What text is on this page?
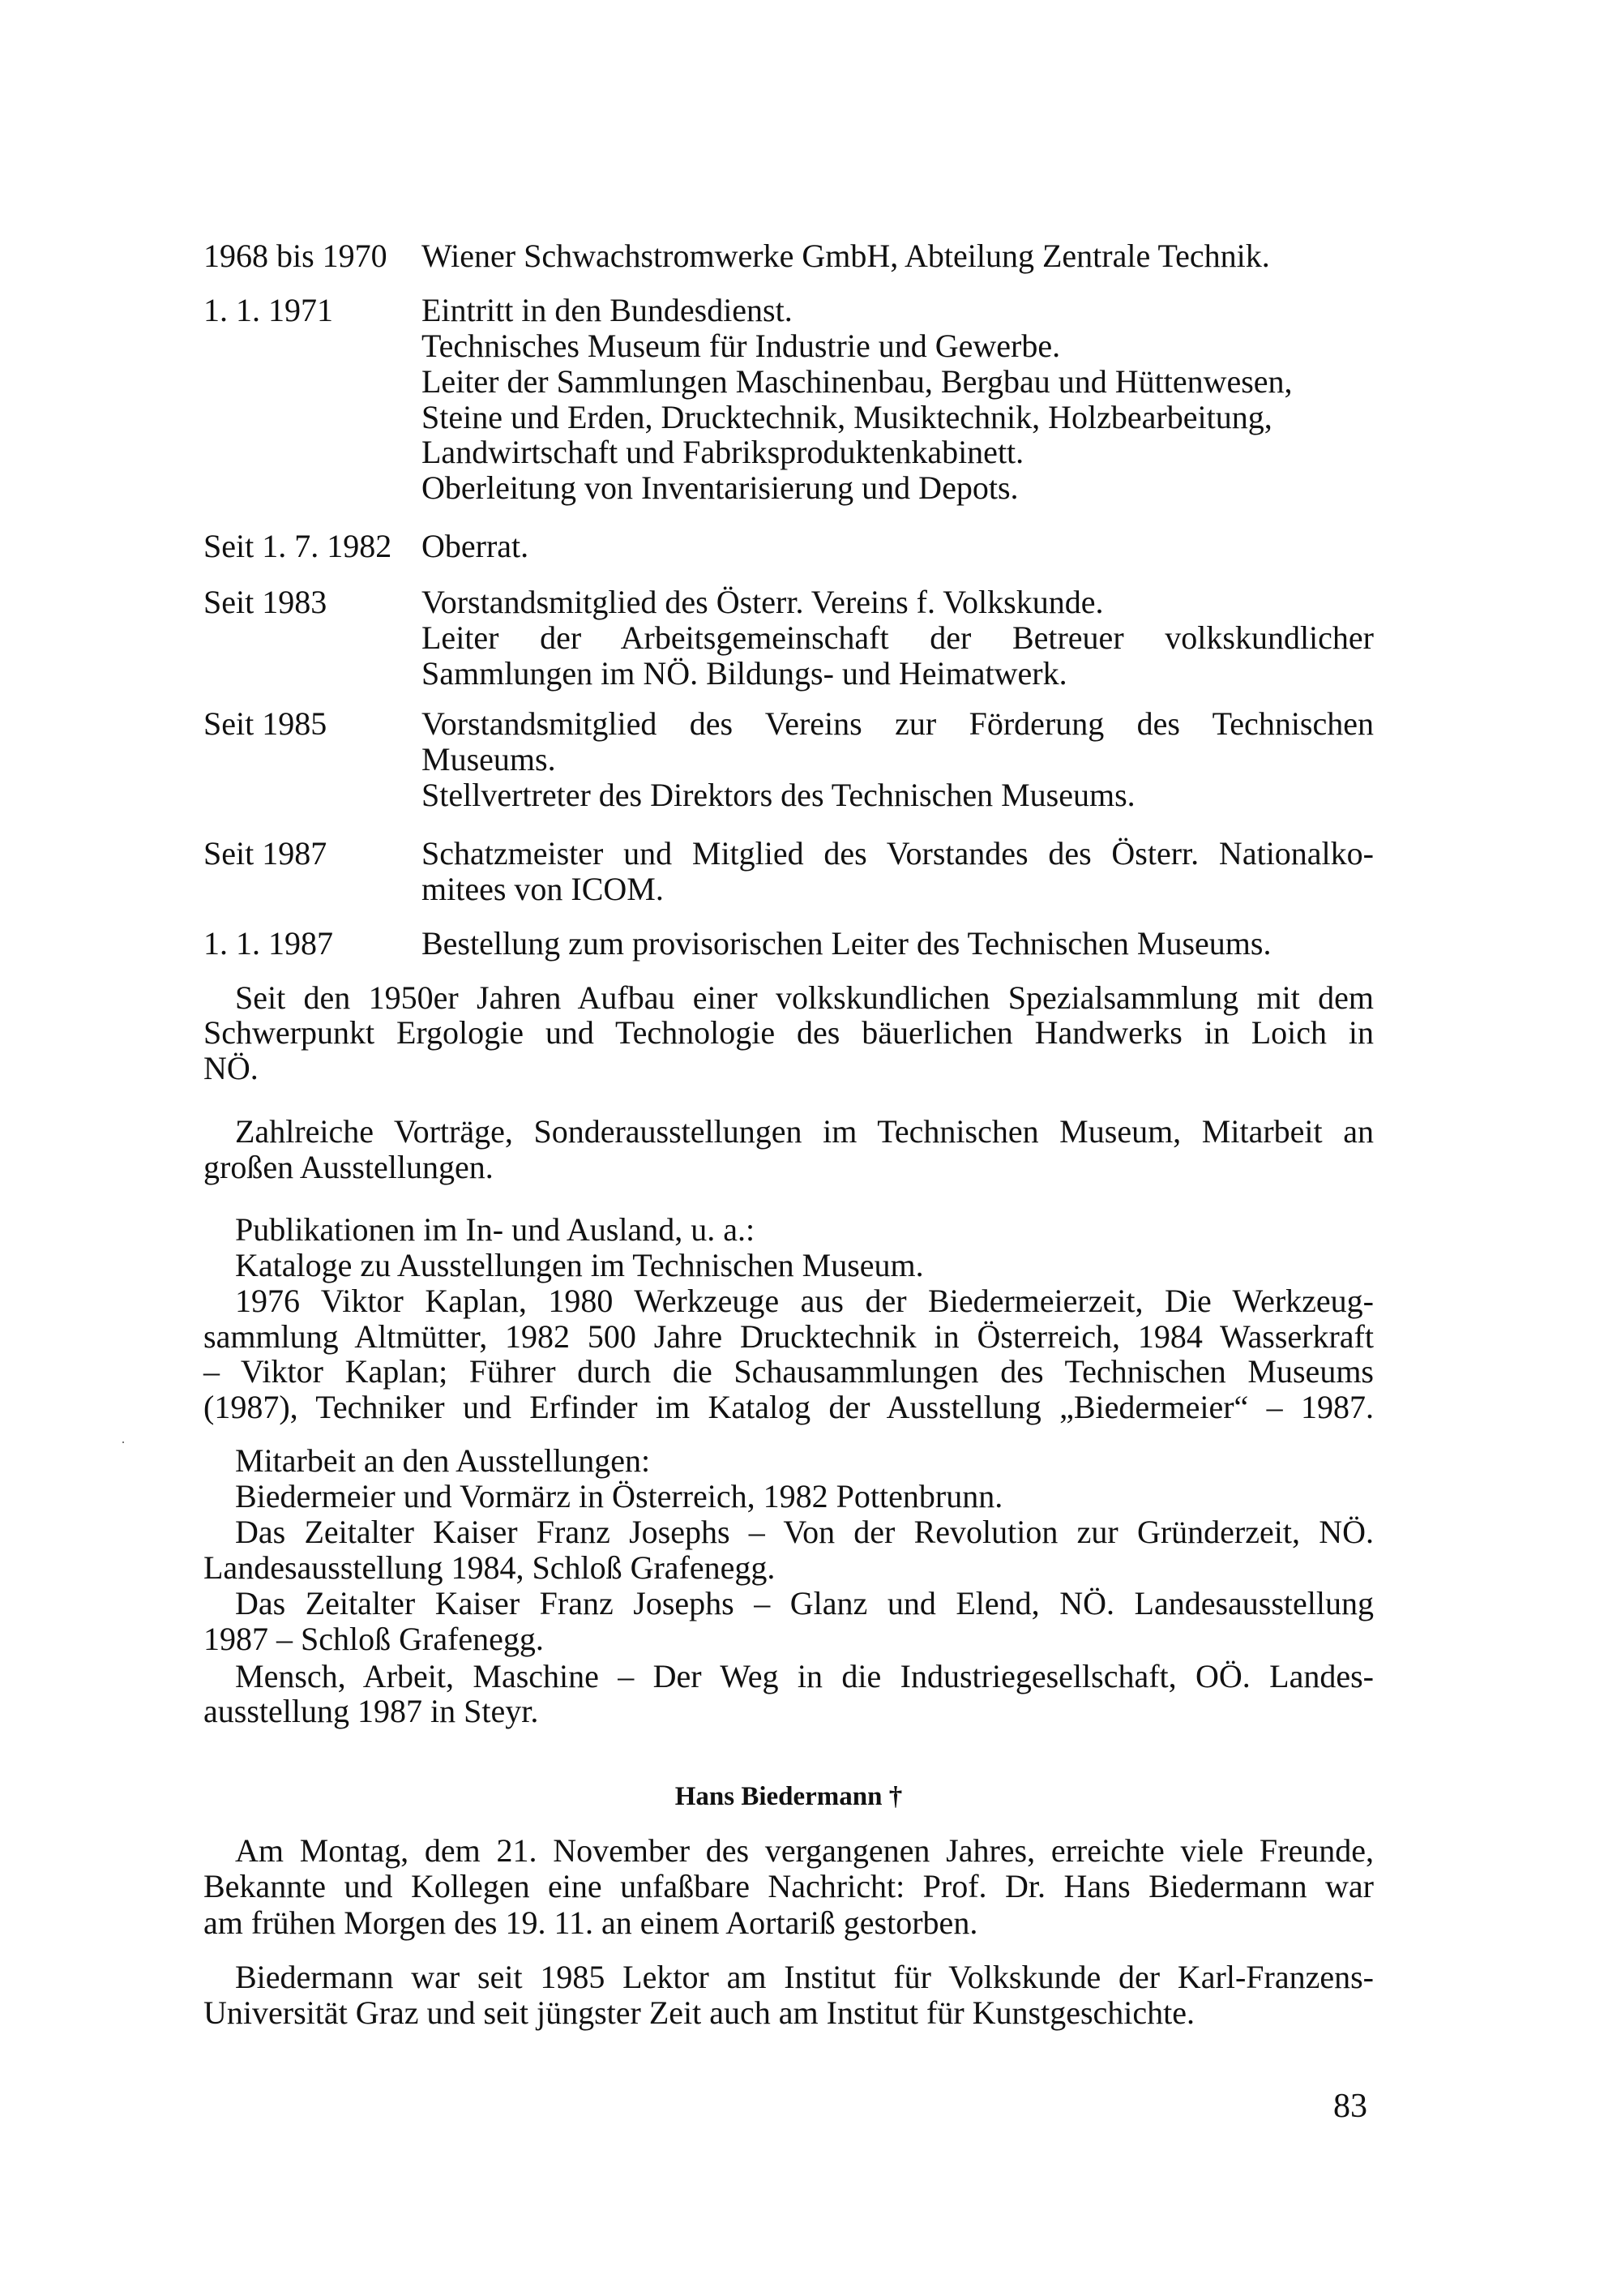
1968 bis 1970 Wiener Schwachstromwerke GmbH, Abteilung Zentrale Technik.
1. 1. 1971	Eintritt in den Bundesdienst.
Technisches Museum für Industrie und Gewerbe.
Leiter der Sammlungen Maschinenbau, Bergbau und Hüttenwesen,
Steine und Erden, Drucktechnik, Musiktechnik, Holzbearbeitung,
Landwirtschaft und Fabriksproduktenkabinett.
Oberleitung von Inventarisierung und Depots.
Seit 1. 7. 1982 Oberrat.
Seit 1983	Vorstandsmitglied des Österr. Vereins f. Volkskunde.
Leiter der Arbeitsgemeinschaft der Betreuer volkskundlicher
Sammlungen im NÖ. Bildungs- und Heimatwerk.
Seit 1985	Vorstandsmitglied des Vereins zur Förderung des Technischen
Museums.
Stellvertreter des Direktors des Technischen Museums.
Seit 1987	Schatzmeister und Mitglied des Vorstandes des Österr. Nationalko-
mitees von ICOM.
1. 1. 1987	Bestellung zum provisorischen Leiter des Technischen Museums.
Seit den 1950er Jahren Aufbau einer volkskundlichen Spezialsammlung mit dem
Schwerpunkt Ergologie und Technologie des bäuerlichen Handwerks in Loich in
NÖ.
Zahlreiche Vorträge, Sonderausstellungen im Technischen Museum, Mitarbeit an
großen Ausstellungen.
Publikationen im In- und Ausland, u. a.:
Kataloge zu Ausstellungen im Technischen Museum.
1976 Viktor Kaplan, 1980 Werkzeuge aus der Biedermeierzeit, Die Werkzeug-
sammlung Altmütter, 1982 500 Jahre Drucktechnik in Österreich, 1984 Wasserkraft
– Viktor Kaplan; Führer durch die Schausammlungen des Technischen Museums
(1987), Techniker und Erfinder im Katalog der Ausstellung „Biedermeier“ – 1987.
Mitarbeit an den Ausstellungen:
Biedermeier und Vormärz in Österreich, 1982 Pottenbrunn.
Das Zeitalter Kaiser Franz Josephs – Von der Revolution zur Gründerzeit, NÖ.
Landesausstellung 1984, Schloß Grafenegg.
Das Zeitalter Kaiser Franz Josephs – Glanz und Elend, NÖ. Landesausstellung
1987 – Schloß Grafenegg.
Mensch, Arbeit, Maschine – Der Weg in die Industriegesellschaft, OÖ. Landes-
ausstellung 1987 in Steyr.
Hans Biedermann †
Am Montag, dem 21. November des vergangenen Jahres, erreichte viele Freunde,
Bekannte und Kollegen eine unfaßbare Nachricht: Prof. Dr. Hans Biedermann war
am frühen Morgen des 19. 11. an einem Aortariß gestorben.
Biedermann war seit 1985 Lektor am Institut für Volkskunde der Karl-Franzens-
Universität Graz und seit jüngster Zeit auch am Institut für Kunstgeschichte.
83
